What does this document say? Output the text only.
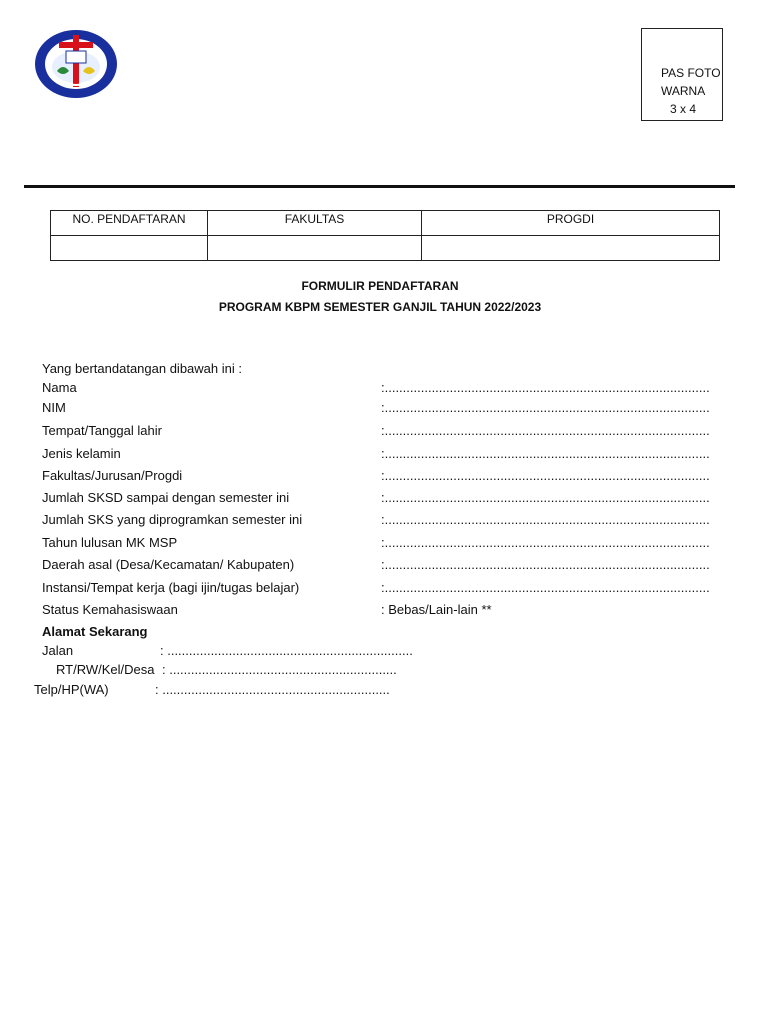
PAS FOTO
WARNA
3 x 4
NO. PENDAFTARAN	FAKULTAS	PROGDI

FORMULIR PENDAFTARAN
PROGRAM KBPM SEMESTER GANJIL TAHUN 2022/2023
Yang bertandatangan dibawah ini :
Nama	:..........................................................................................
NIM	:..........................................................................................
Tempat/Tanggal lahir	:..........................................................................................
Jenis kelamin	:..........................................................................................
Fakultas/Jurusan/Progdi	:..........................................................................................
Jumlah SKSD sampai dengan semester ini	:..........................................................................................
Jumlah SKS yang diprogramkan semester ini	:..........................................................................................
Tahun lulusan MK MSP	:..........................................................................................
Daerah asal (Desa/Kecamatan/ Kabupaten)	:..........................................................................................
Instansi/Tempat kerja (bagi ijin/tugas belajar)	:..........................................................................................
Status Kemahasiswaan	: Bebas/Lain-lain **
Alamat Sekarang
Jalan	: ....................................................................
RT/RW/Kel/Desa : ...............................................................
Telp/HP(WA)	: ...............................................................
